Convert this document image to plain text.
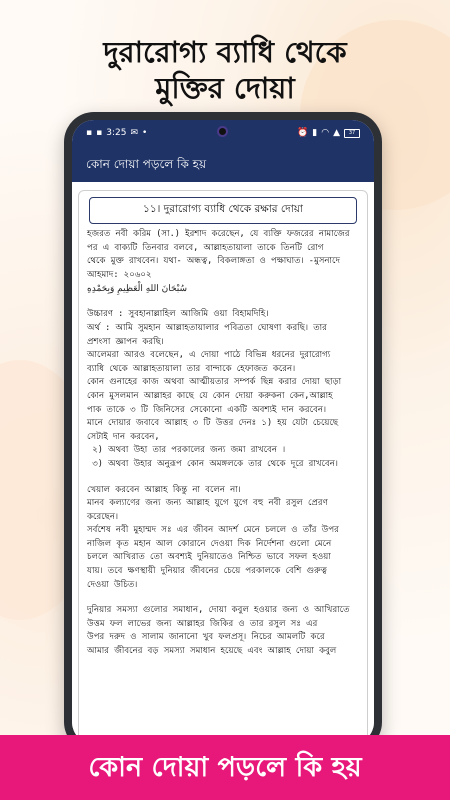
দুরারোগ্য ব্যাধি থেকে
মুক্তির দোয়া
▪ ▪ 3:25 ✉ •	⏰ ▮ ◠ ▲	37
কোন দোয়া পড়লে কি হয়
১১। দুরারোগ্য ব্যাধি থেকে রক্ষার দোয়া
হজরত নবী করিম (সা.) ইরশাদ করেছেন, যে ব্যক্তি ফজরের নামাজের
পর এ বাক্যটি তিনবার বলবে, আল্লাহতায়ালা তাকে তিনটি রোগ
থেকে মুক্ত রাখবেন। যথা- অন্ধত্ব, বিকলাঙ্গতা ও পক্ষাঘাত। -মুসনাদে
আহমাদ: ২০৬০২
سُبْحَانَ اللهِ الْعَظِيمِ وَبِحَمْدِهِ
উচ্চারণ : সুবহানাল্লাহিল আজিমি ওয়া বিহামদিহি।
অর্থ : আমি সুমহান আল্লাহতায়ালার পবিত্রতা ঘোষণা করছি। তার
প্রশংসা জ্ঞাপন করছি।
আলেমরা আরও বলেছেন, এ দোয়া পাঠে বিভিন্ন ধরনের দুরারোগ্য
ব্যাধি থেকে আল্লাহতায়ালা তার বান্দাকে হেফাজত করেন।
কোন গুনাহের কাজ অথবা আত্মীয়তার সম্পর্ক ছিন্ন করার দোয়া ছাড়া
কোন মুসলমান আল্লাহর কাছে যে কোন দোয়া করুকনা কেন,আল্লাহ
পাক তাকে ৩ টি জিনিসের সেকোনো একটি অবশ্যই দান করবেন।
মানে দোয়ার জবাবে আল্লাহ ৩ টি উত্তর দেনঃ ১) হয় যেটা চেয়েছে
সেটাই দান করবেন,
২) অথবা উহা তার পরকালের জন্য জমা রাখবেন ।
৩) অথবা উহার অনুরূপ কোন অমঙ্গলকে তার থেকে দূরে রাখবেন।
খেয়াল করবেন আল্লাহ কিন্তু না বলেন না।
মানব কল্যাণের জন্য জন্য আল্লাহ যুগে যুগে বহু নবী রসুল প্রেরণ করেছেন।
সর্বশেষ নবী মুহাম্মদ সঃ এর জীবন আদর্শ মেনে চললে ও তাঁর উপর
নাজিল কৃত মহান আল কোরানে দেওয়া দিক নির্দেশনা গুলো মেনে
চললে আখিরাত তো অবশ্যই দুনিয়াতেও নিশ্চিত ভাবে সফল হওয়া
যায়। তবে ক্ষণস্থায়ী দুনিয়ার জীবনের চেয়ে পরকালকে বেশি গুরুত্ব
দেওয়া উচিত।
দুনিয়ার সমস্যা গুলোর সমাধান, দোয়া কবুল হওয়ার জন্য ও আখিরাতে
উত্তম ফল লাভের জন্য আল্লাহর জিকির ও তার রসুল সঃ এর
উপর দরুদ ও সালাম জানানো খুব ফলপ্রসূ। নিচের আমলটি করে
আমার জীবনের বড় সমস্যা সমাধান হয়েছে এবং আল্লাহ দোয়া কবুল
কোন দোয়া পড়লে কি হয়
